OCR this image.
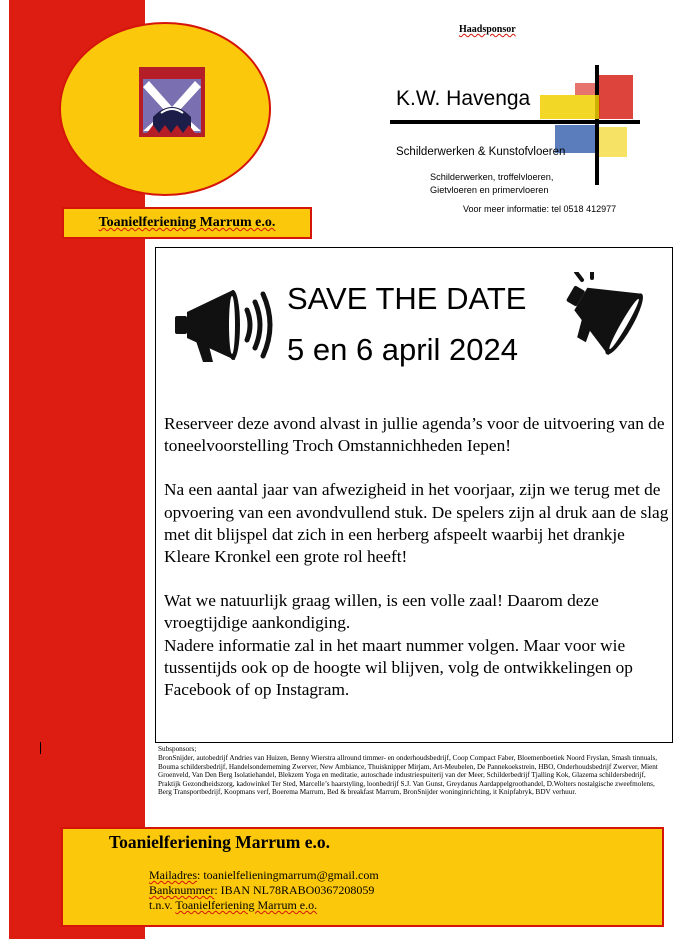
Toanielferiening Marrum e.o.
Haadsponsor
K.W. Havenga
Schilderwerken & Kunstofvloeren
Schilderwerken, troffelvloeren,
Gietvloeren en primervloeren
Voor meer informatie: tel 0518 412977
SAVE THE DATE
5 en 6 april 2024

Reserveer deze avond alvast in jullie agenda’s voor de uitvoering van de toneelvoorstelling Troch Omstannichheden Iepen!

Na een aantal jaar van afwezigheid in het voorjaar, zijn we terug met de opvoering van een avondvullend stuk. De spelers zijn al druk aan de slag met dit blijspel dat zich in een herberg afspeelt waarbij het drankje Kleare Kronkel een grote rol heeft!

Wat we natuurlijk graag willen, is een volle zaal! Daarom deze vroegtijdige aankondiging.

Nadere informatie zal in het maart nummer volgen. Maar voor wie tussentijds ook op de hoogte wil blijven, volg de ontwikkelingen op Facebook of op Instagram.

Subsponsors;
BronSnijder, autobedrijf Andries van Huizen, Benny Wierstra allround timmer- en onderhoudsbedrijf, Coop Compact Faber, Bloemenboetiek Noord Fryslan, Smash tinnuals, Bouma schildersbedrijf, Handelsonderneming Zwerver, New Ambiance, Thuisknipper Mirjam, Art-Meubelen, De Pannekoekstrein, HBO, Onderhoudsbedrijf Zwerver, Mient Groenveld, Van Den Berg Isolatiehandel, Blekzem Yoga en meditatie, autoschade industriespuiterij van der Meer, Schilderbedrijf Tjalling Kok, Glazema schildersbedrijf, Praktijk Gezondheidszorg, kadowinkel Ter Sted, Marcelle’s haarstyling, loonbedrijf S.J. Van Gunst, Greydanus Aardappelgroothandel, D.Wolters nostalgische zweefmolens, Berg Transportbedrijf, Koopmans verf, Boerema Marrum, Bed & breakfast Marrum, BronSnijder woninginrichting, it Knipfabryk, BDV verhuur.
Toanielferiening Marrum e.o.
Mailadres: toanielfelieningmarrum@gmail.com
Banknummer: IBAN NL78RABO0367208059
t.n.v. Toanielferiening Marrum e.o.
